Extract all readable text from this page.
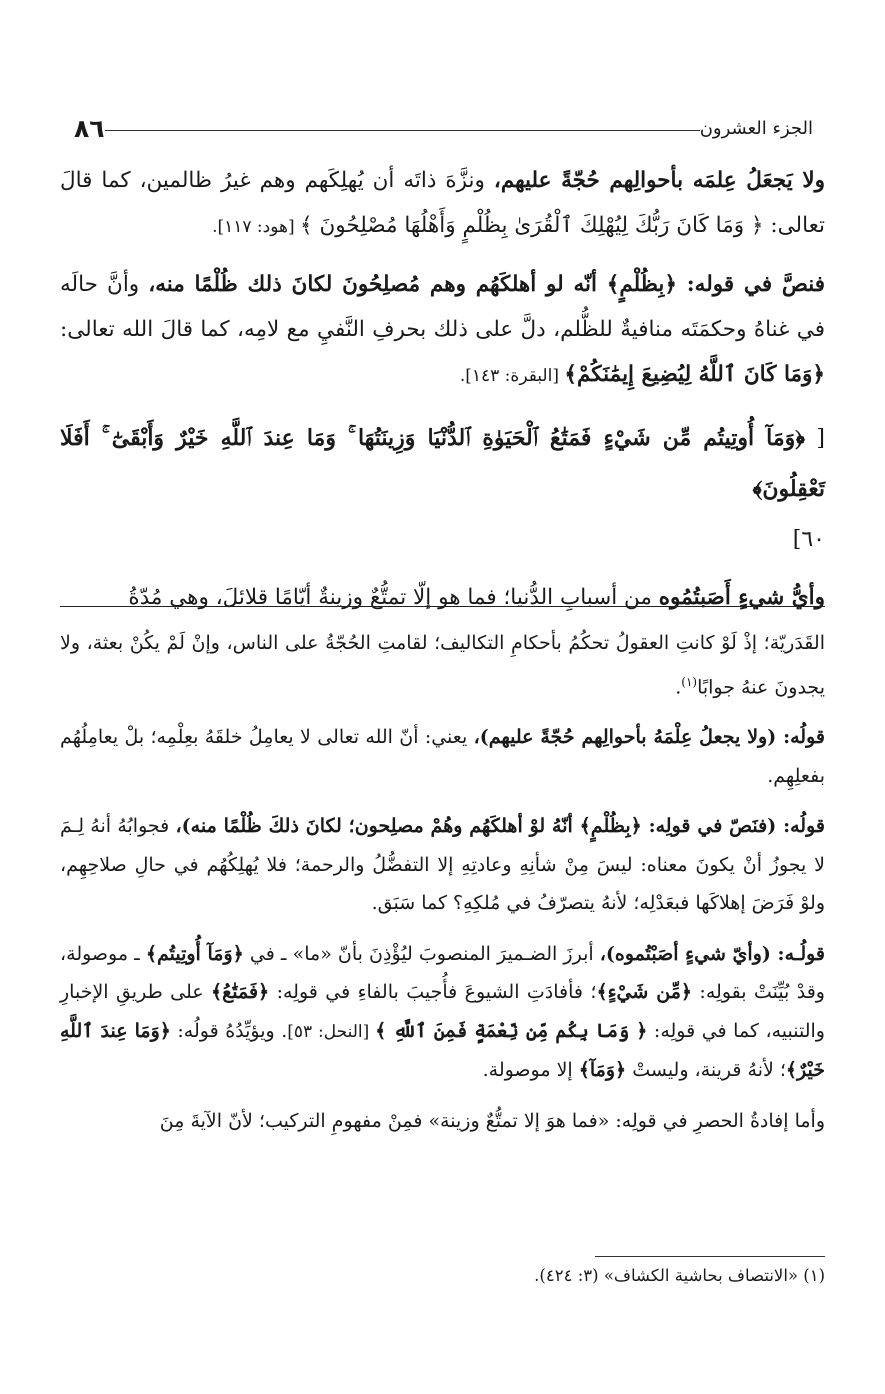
الجزء العشرون
٨٦

ولا يَجعَلُ عِلمَه بأحوالِهم حُجّةً عليهم، ونزَّهَ ذاتَه أن يُهلِكَهم وهم غيرُ ظالمين، كما قالَ تعالى: ﴿ وَمَا كَانَ رَبُّكَ لِيُهْلِكَ ٱلْقُرَىٰ بِظُلْمٍ وَأَهْلُهَا مُصْلِحُونَ ﴾ [هود: ١١٧].

فنصَّ في قوله: ﴿بِظُلْمٍ﴾ أنّه لو أهلكَهُم وهم مُصلِحُونَ لكانَ ذلك ظُلْمًا منه، وأنَّ حالَه في غناهُ وحكمَتَه منافيةٌ للظُّلم، دلَّ على ذلك بحرفِ النَّفيِ مع لامِه، كما قالَ الله تعالى: ﴿وَمَا كَانَ ٱللَّهُ لِيُضِيعَ إِيمَٰنَكُمْ﴾ [البقرة: ١٤٣].

[ ﴿وَمَآ أُوتِيتُم مِّن شَيْءٍ فَمَتَٰعُ ٱلْحَيَوٰةِ ٱلدُّنْيَا وَزِينَتُهَا ۚ وَمَا عِندَ ٱللَّهِ خَيْرٌ وَأَبْقَىٰٓ ۚ أَفَلَا تَعْقِلُونَ﴾
٦٠]

وأيُّ شيءٍ أَصَبتُمُوه من أسبابِ الدُّنيا؛ فما هو إلّا تمتُّعٌ وزينةٌ أيّامًا قلائلَ، وهي مُدّةُ

القَدَريّة؛ إذْ لَوْ كانتِ العقولُ تحكُمُ بأحكامِ التكاليف؛ لقامتِ الحُجّةُ على الناس، وإنْ لَمْ يكُنْ بعثة، ولا يجدونَ عنهُ جوابًا$^{(١)}$.

قولُه: (ولا يجعلُ عِلْمَهُ بأحوالِهم حُجّةً عليهم)، يعني: أنّ الله تعالى لا يعامِلُ خلقَهُ بعِلْمِه؛ بلْ يعامِلُهُم بفعلِهِم.

قولُه: (فنَصّ في قولِه: ﴿بِظُلْمٍ﴾ أنّهُ لوْ أهلكَهُم وهُمْ مصلِحون؛ لكانَ ذلكَ ظُلْمًا منه)، فجوابُهُ أنهُ لِـمَ لا يجوزُ أنْ يكونَ معناه: ليسَ مِنْ شأنِهِ وعادتِهِ إلا التفضُّلُ والرحمة؛ فلا يُهلِكُهُم في حالِ صلاحِهِم، ولوْ فَرَضَ إهلاكَها فبعَدْلِه؛ لأنهُ يتصرّفُ في مُلكِهِ؟ كما سَبَق.

قولُـه: (وأيّ شيءٍ أصَبْتُموه)، أبرزَ الضـميرَ المنصوبَ ليُؤْذِنَ بأنّ «ما» ـ في ﴿وَمَآ أُوتِيتُم﴾ ـ موصولة، وقدْ بُيِّنَتْ بقولِه: ﴿مِّن شَيْءٍ﴾؛ فأفادَتِ الشيوعَ فأُجيبَ بالفاءِ في قولِه: ﴿فَمَتَٰعُ﴾ على طريقِ الإخبارِ والتنبيه، كما في قولِه: ﴿ وَمَا بِكُم مِّن نِّعْمَةٍ فَمِنَ ٱللَّهِ ﴾ [النحل: ٥٣]. ويؤيِّدُهُ قولُه: ﴿وَمَا عِندَ ٱللَّهِ خَيْرٌ﴾؛ لأنهُ قرينة، وليستْ ﴿وَمَآ﴾ إلا موصولة.

وأما إفادةُ الحصرِ في قولِه: «فما هوَ إلا تمتُّعٌ وزينة» فمِنْ مفهومِ التركيب؛ لأنّ الآيةَ مِنَ

(١) «الانتصاف بحاشية الكشاف» (٣: ٤٢٤).
